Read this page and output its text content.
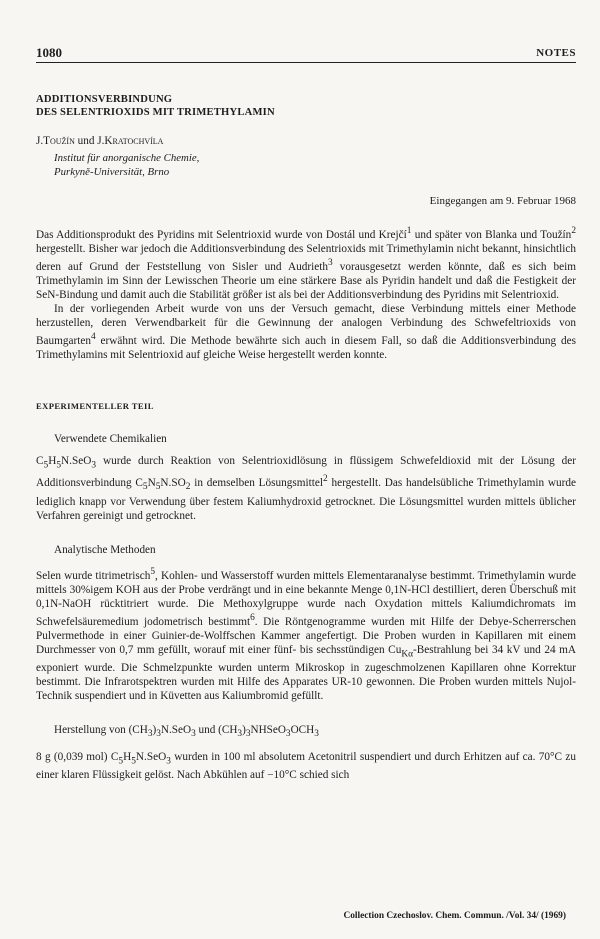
1080	NOTES
ADDITIONSVERBINDUNG
DES SELENTRIOXIDS MIT TRIMETHYLAMIN
J.Toužín und J.Kratochvíla
Institut für anorganische Chemie,
Purkyně-Universität, Brno
Eingegangen am 9. Februar 1968

Das Additionsprodukt des Pyridins mit Selentrioxid wurde von Dostál und Krejčí$^1$ und später von Blanka und Toužín$^2$ hergestellt. Bisher war jedoch die Additionsverbindung des Selentrioxids mit Trimethylamin nicht bekannt, hinsichtlich deren auf Grund der Feststellung von Sisler und Audrieth$^3$ vorausgesetzt werden könnte, daß es sich beim Trimethylamin im Sinn der Lewisschen Theorie um eine stärkere Base als Pyridin handelt und daß die Festigkeit der SeN-Bindung und damit auch die Stabilität größer ist als bei der Additionsverbindung des Pyridins mit Selentrioxid.

In der vorliegenden Arbeit wurde von uns der Versuch gemacht, diese Verbindung mittels einer Methode herzustellen, deren Verwendbarkeit für die Gewinnung der analogen Verbindung des Schwefeltrioxids von Baumgarten$^4$ erwähnt wird. Die Methode bewährte sich auch in diesem Fall, so daß die Additionsverbindung des Trimethylamins mit Selentrioxid auf gleiche Weise hergestellt werden konnte.

EXPERIMENTELLER TEIL
Verwendete Chemikalien

$C_5H_5N.SeO_3$ wurde durch Reaktion von Selentrioxidlösung in flüssigem Schwefeldioxid mit der Lösung der Additionsverbindung $C_5N_5N.SO_2$ in demselben Lösungsmittel$^2$ hergestellt. Das handelsübliche Trimethylamin wurde lediglich knapp vor Verwendung über festem Kaliumhydroxid getrocknet. Die Lösungsmittel wurden mittels üblicher Verfahren gereinigt und getrocknet.

Analytische Methoden

Selen wurde titrimetrisch$^5$, Kohlen- und Wasserstoff wurden mittels Elementaranalyse bestimmt. Trimethylamin wurde mittels 30%igem KOH aus der Probe verdrängt und in eine bekannte Menge 0,1N-HCl destilliert, deren Überschuß mit 0,1N-NaOH rücktitriert wurde. Die Methoxylgruppe wurde nach Oxydation mittels Kaliumdichromats im Schwefelsäuremedium jodometrisch bestimmt$^6$. Die Röntgenogramme wurden mit Hilfe der Debye-Scherrerschen Pulvermethode in einer Guinier-de-Wolffschen Kammer angefertigt. Die Proben wurden in Kapillaren mit einem Durchmesser von 0,7 mm gefüllt, worauf mit einer fünf- bis sechsstündigen $Cu_{K\alpha}$-Bestrahlung bei 34 kV und 24 mA exponiert wurde. Die Schmelzpunkte wurden unterm Mikroskop in zugeschmolzenen Kapillaren ohne Korrektur bestimmt. Die Infrarotspektren wurden mit Hilfe des Apparates UR-10 gewonnen. Die Proben wurden mittels Nujol-Technik suspendiert und in Küvetten aus Kaliumbromid gefüllt.

Herstellung von $(CH_3)_3N.SeO_3$ und $(CH_3)_3NHSeO_3OCH_3$

8 g (0,039 mol) $C_5H_5N.SeO_3$ wurden in 100 ml absolutem Acetonitril suspendiert und durch Erhitzen auf ca. 70°C zu einer klaren Flüssigkeit gelöst. Nach Abkühlen auf −10°C schied sich

Collection Czechoslov. Chem. Commun. /Vol. 34/ (1969)
